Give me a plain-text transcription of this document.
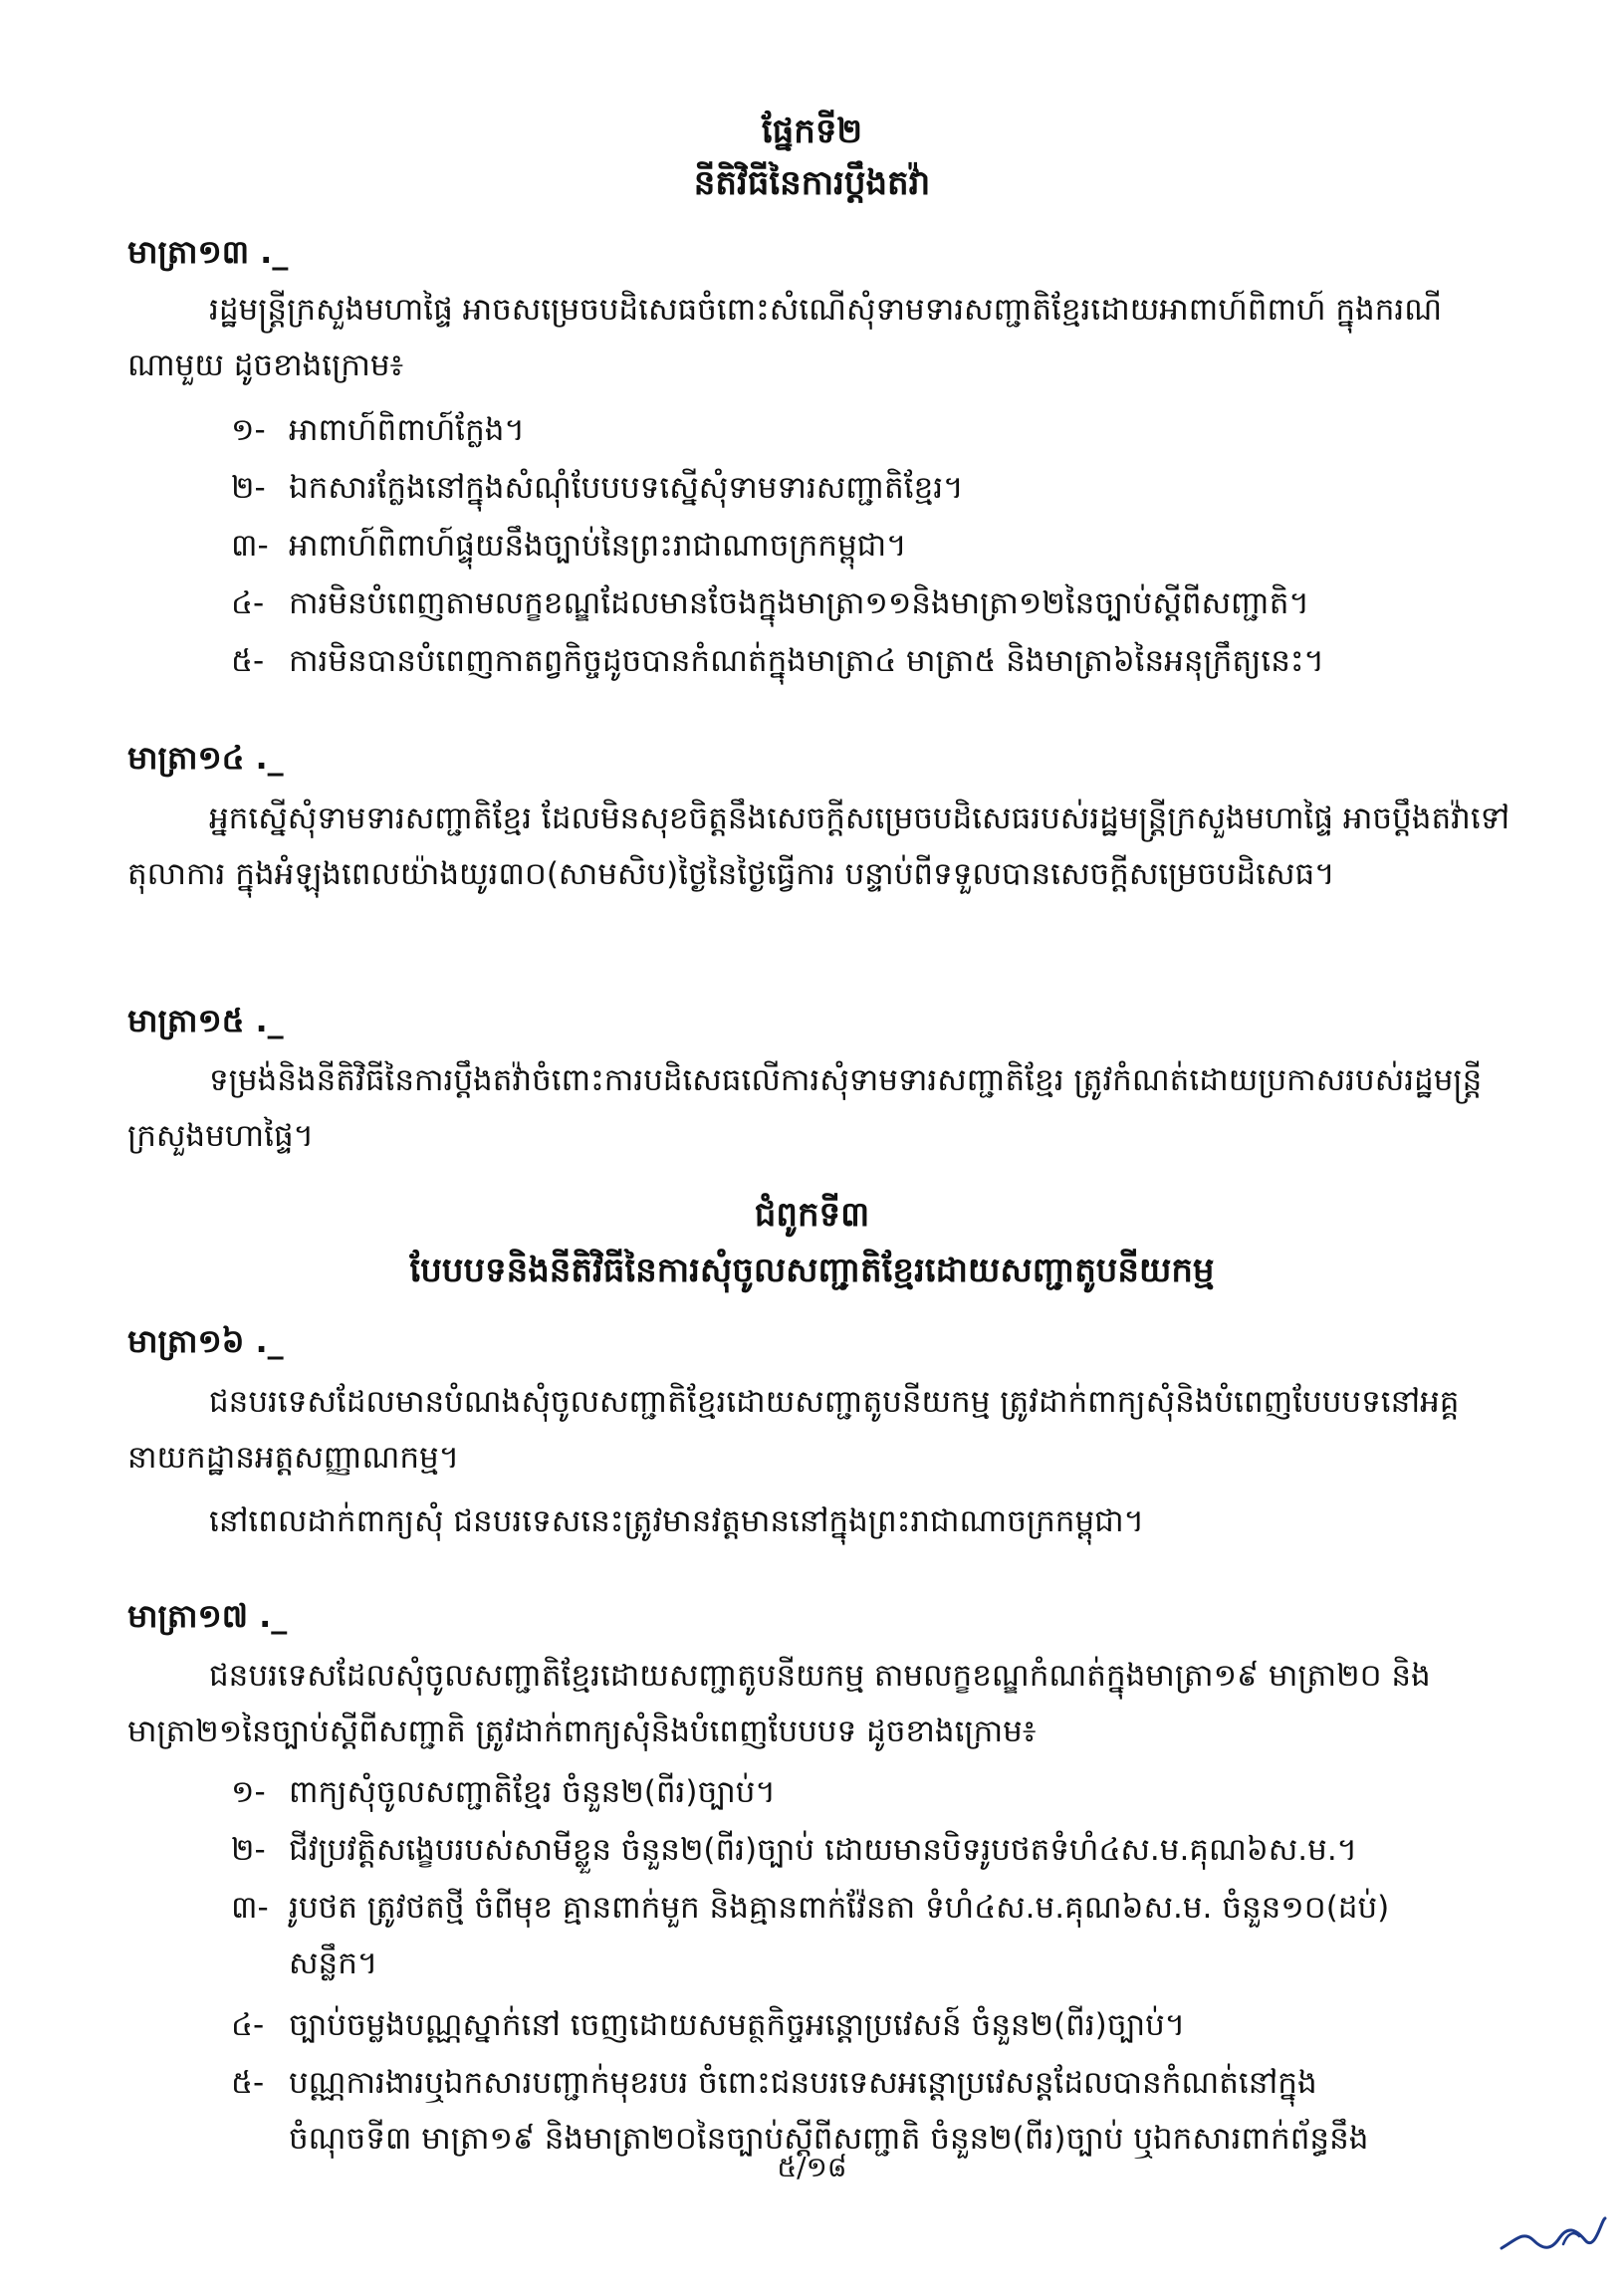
ផ្នែកទី២
នីតិវិធីនៃការប្ដឹងតវ៉ា
មាត្រា១៣ ._

រដ្ឋមន្ត្រីក្រសួងមហាផ្ទៃ អាចសម្រេចបដិសេធចំពោះសំណើសុំទាមទារសញ្ជាតិខ្មែរដោយអាពាហ៍ពិពាហ៍ ក្នុងករណីណាមួយ ដូចខាងក្រោម៖

១- អាពាហ៍ពិពាហ៍ក្លែង។
២- ឯកសារក្លែងនៅក្នុងសំណុំបែបបទស្នើសុំទាមទារសញ្ជាតិខ្មែរ។
៣- អាពាហ៍ពិពាហ៍ផ្ទុយនឹងច្បាប់នៃព្រះរាជាណាចក្រកម្ពុជា។
៤- ការមិនបំពេញតាមលក្ខខណ្ឌដែលមានចែងក្នុងមាត្រា១១និងមាត្រា១២នៃច្បាប់ស្ដីពីសញ្ជាតិ។
៥- ការមិនបានបំពេញកាតព្វកិច្ចដូចបានកំណត់ក្នុងមាត្រា៤ មាត្រា៥ និងមាត្រា៦នៃអនុក្រឹត្យនេះ។
មាត្រា១៤ ._

អ្នកស្នើសុំទាមទារសញ្ជាតិខ្មែរ ដែលមិនសុខចិត្តនឹងសេចក្ដីសម្រេចបដិសេធរបស់រដ្ឋមន្ត្រីក្រសួងមហាផ្ទៃ អាចប្ដឹងតវ៉ាទៅតុលាការ ក្នុងអំឡុងពេលយ៉ាងយូរ៣០(សាមសិប)ថ្ងៃនៃថ្ងៃធ្វើការ បន្ទាប់ពីទទួលបានសេចក្ដីសម្រេចបដិសេធ។

មាត្រា១៥ ._

ទម្រង់និងនីតិវិធីនៃការប្ដឹងតវ៉ាចំពោះការបដិសេធលើការសុំទាមទារសញ្ជាតិខ្មែរ ត្រូវកំណត់ដោយប្រកាសរបស់រដ្ឋមន្ត្រីក្រសួងមហាផ្ទៃ។

ជំពូកទី៣
បែបបទនិងនីតិវិធីនៃការសុំចូលសញ្ជាតិខ្មែរដោយសញ្ជាតូបនីយកម្ម
មាត្រា១៦ ._

ជនបរទេសដែលមានបំណងសុំចូលសញ្ជាតិខ្មែរដោយសញ្ជាតូបនីយកម្ម ត្រូវដាក់ពាក្យសុំនិងបំពេញបែបបទនៅអគ្គនាយកដ្ឋានអត្តសញ្ញាណកម្ម។

នៅពេលដាក់ពាក្យសុំ ជនបរទេសនេះត្រូវមានវត្តមាននៅក្នុងព្រះរាជាណាចក្រកម្ពុជា។

មាត្រា១៧ ._

ជនបរទេសដែលសុំចូលសញ្ជាតិខ្មែរដោយសញ្ជាតូបនីយកម្ម តាមលក្ខខណ្ឌកំណត់ក្នុងមាត្រា១៩ មាត្រា២០ និងមាត្រា២១នៃច្បាប់ស្ដីពីសញ្ជាតិ ត្រូវដាក់ពាក្យសុំនិងបំពេញបែបបទ ដូចខាងក្រោម៖

១- ពាក្យសុំចូលសញ្ជាតិខ្មែរ ចំនួន២(ពីរ)ច្បាប់។
២- ជីវប្រវត្តិសង្ខេបរបស់សាមីខ្លួន ចំនួន២(ពីរ)ច្បាប់ ដោយមានបិទរូបថតទំហំ៤ស.ម.គុណ៦ស.ម.។
៣- រូបថត ត្រូវថតថ្មី ចំពីមុខ គ្មានពាក់មួក និងគ្មានពាក់វ៉ែនតា ទំហំ៤ស.ម.គុណ៦ស.ម. ចំនួន១០(ដប់)
សន្លឹក។
៤- ច្បាប់ចម្លងបណ្ណស្នាក់នៅ ចេញដោយសមត្ថកិច្ចអន្តោប្រវេសន៍ ចំនួន២(ពីរ)ច្បាប់។
៥- បណ្ណការងារឬឯកសារបញ្ជាក់មុខរបរ ចំពោះជនបរទេសអន្តោប្រវេសន្តដែលបានកំណត់នៅក្នុង
ចំណុចទី៣ មាត្រា១៩ និងមាត្រា២០នៃច្បាប់ស្ដីពីសញ្ជាតិ ចំនួន២(ពីរ)ច្បាប់ ឬឯកសារពាក់ព័ន្ធនឹង
៥/១៨
